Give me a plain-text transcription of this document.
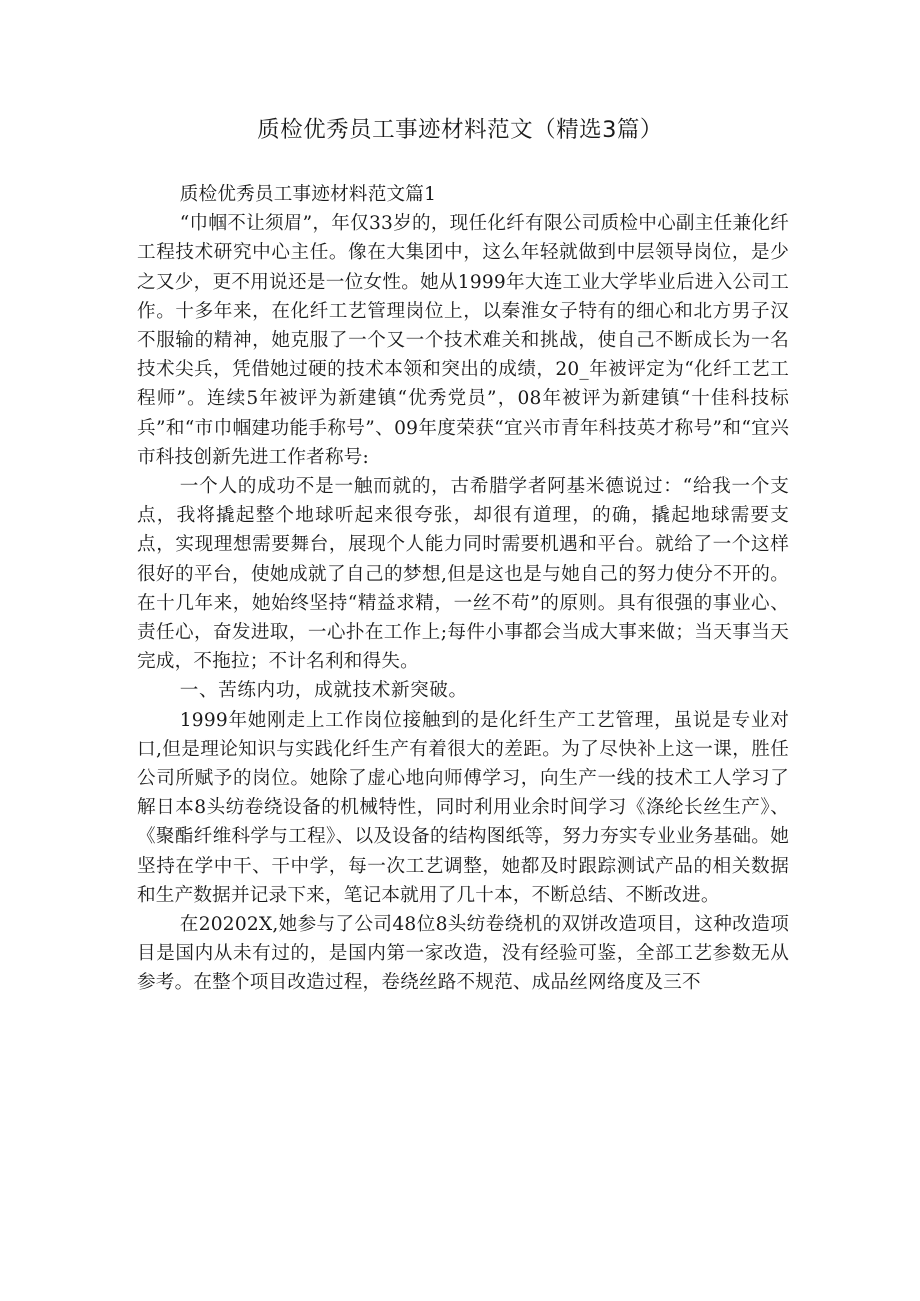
质检优秀员工事迹材料范文（精选3篇）

质检优秀员工事迹材料范文篇1

“巾帼不让须眉”，年仅33岁的，现任化纤有限公司质检中心副主任兼化纤工程技术研究中心主任。像在大集团中，这么年轻就做到中层领导岗位，是少之又少，更不用说还是一位女性。她从1999年大连工业大学毕业后进入公司工作。十多年来，在化纤工艺管理岗位上，以秦淮女子特有的细心和北方男子汉不服输的精神，她克服了一个又一个技术难关和挑战，使自己不断成长为一名技术尖兵，凭借她过硬的技术本领和突出的成绩，20_年被评定为“化纤工艺工程师”。连续5年被评为新建镇“优秀党员”，08年被评为新建镇“十佳科技标兵”和“市巾帼建功能手称号”、09年度荣获“宜兴市青年科技英才称号”和“宜兴市科技创新先进工作者称号:

一个人的成功不是一触而就的，古希腊学者阿基米德说过：“给我一个支点，我将撬起整个地球听起来很夸张，却很有道理，的确，撬起地球需要支点，实现理想需要舞台，展现个人能力同时需要机遇和平台。就给了一个这样很好的平台，使她成就了自己的梦想,但是这也是与她自己的努力使分不开的。在十几年来，她始终坚持“精益求精，一丝不苟”的原则。具有很强的事业心、责任心，奋发进取，一心扑在工作上;每件小事都会当成大事来做；当天事当天完成，不拖拉；不计名利和得失。

一、苦练内功，成就技术新突破。

1999年她刚走上工作岗位接触到的是化纤生产工艺管理，虽说是专业对口,但是理论知识与实践化纤生产有着很大的差距。为了尽快补上这一课，胜任公司所赋予的岗位。她除了虚心地向师傅学习，向生产一线的技术工人学习了解日本8头纺卷绕设备的机械特性，同时利用业余时间学习《涤纶长丝生产》、《聚酯纤维科学与工程》、以及设备的结构图纸等，努力夯实专业业务基础。她坚持在学中干、干中学，每一次工艺调整，她都及时跟踪测试产品的相关数据和生产数据并记录下来，笔记本就用了几十本，不断总结、不断改进。

在20202X,她参与了公司48位8头纺卷绕机的双饼改造项目，这种改造项目是国内从未有过的，是国内第一家改造，没有经验可鉴，全部工艺参数无从参考。在整个项目改造过程，卷绕丝路不规范、成品丝网络度及三不
